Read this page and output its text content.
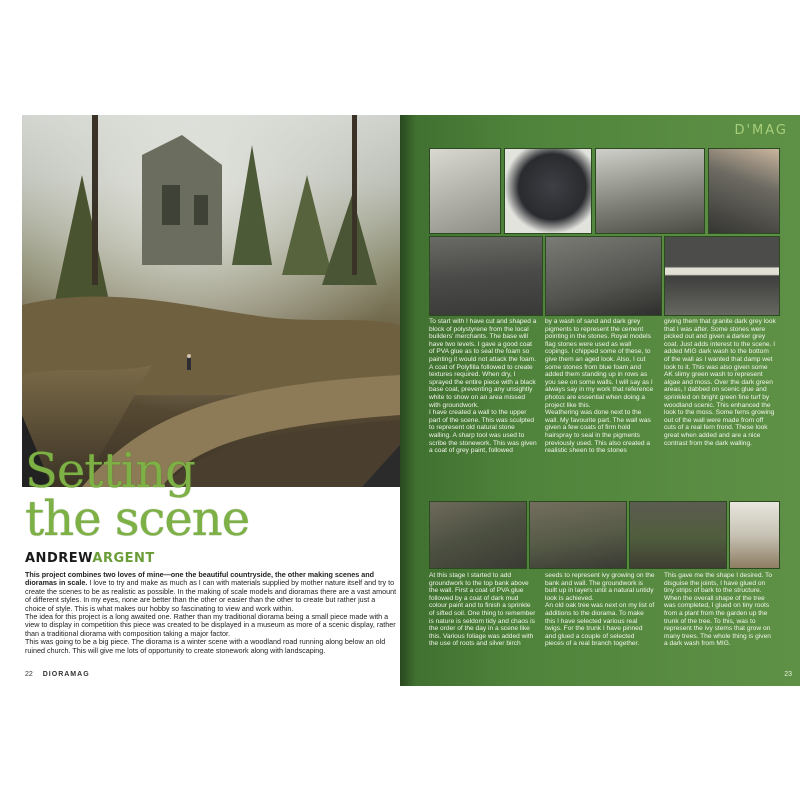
Setting
the scene
ANDREWARGENT

This project combines two loves of mine—one the beautiful countryside, the other making scenes and dioramas in scale. I love to try and make as much as I can with materials supplied by mother nature itself and try to create the scenes to be as realistic as possible. In the making of scale models and dioramas there are a vast amount of different styles. In my eyes, none are better than the other or easier than the other to create but rather just a choice of style. This is what makes our hobby so fascinating to view and work within.

The idea for this project is a long awaited one. Rather than my traditional diorama being a small piece made with a view to display in competition this piece was created to be displayed in a museum as more of a scenic display, rather than a traditional diorama with composition taking a major factor.

This was going to be a big piece. The diorama is a winter scene with a woodland road running along below an old ruined church. This will give me lots of opportunity to create stonework along with landscaping.

22 DIORAMAG
D'MAG

To start with I have cut and shaped a block of polystyrene from the local builders' merchants. The base will have two levels. I gave a good coat of PVA glue as to seal the foam so painting it would not attack the foam. A coat of Polyfilla followed to create textures required. When dry, I sprayed the entire piece with a black base coat, preventing any unsightly white to show on an area missed with groundwork.
I have created a wall to the upper part of the scene. This was sculpted to represent old natural stone walling. A sharp tool was used to scribe the stonework. This was given a coat of grey paint, followed

by a wash of sand and dark grey pigments to represent the cement pointing in the stones. Royal models flag stones were used as wall copings. I chipped some of these, to give them an aged look. Also, I cut some stones from blue foam and added them standing up in rows as you see on some walls. I will say as I always say in my work that reference photos are essential when doing a project like this.
Weathering was done next to the wall. My favourite part. The wall was given a few coats of firm hold hairspray to seal in the pigments previously used. This also created a realistic sheen to the stones

giving them that granite dark grey look that I was after. Some stones were picked out and given a darker grey coat. Just adds interest to the scene. I added MIG dark wash to the bottom of the wall as I wanted that damp wet look to it. This was also given some AK slimy green wash to represent algae and moss. Over the dark green areas, I dabbed on scenic glue and sprinkled on bright green fine turf by woodland scenic. This enhanced the look to the moss. Some ferns growing out of the wall were made from off cuts of a real fern frond. These look great when added and are a nice contrast from the dark walling.

At this stage I started to add groundwork to the top bank above the wall. First a coat of PVA glue followed by a coat of dark mud colour paint and to finish a sprinkle of sifted soil. One thing to remember is nature is seldom tidy and chaos is the order of the day in a scene like this. Various foliage was added with the use of roots and silver birch

seeds to represent ivy growing on the bank and wall. The groundwork is built up in layers until a natural untidy look is achieved.
An old oak tree was next on my list of additions to the diorama. To make this I have selected various real twigs. For the trunk I have pinned and glued a couple of selected pieces of a real branch together.

This gave me the shape I desired. To disguise the joints, I have glued on tiny strips of bark to the structure. When the overall shape of the tree was completed, I glued on tiny roots from a plant from the garden up the trunk of the tree. To this, was to represent the ivy stems that grow on many trees. The whole thing is given a dark wash from MIG.

23
